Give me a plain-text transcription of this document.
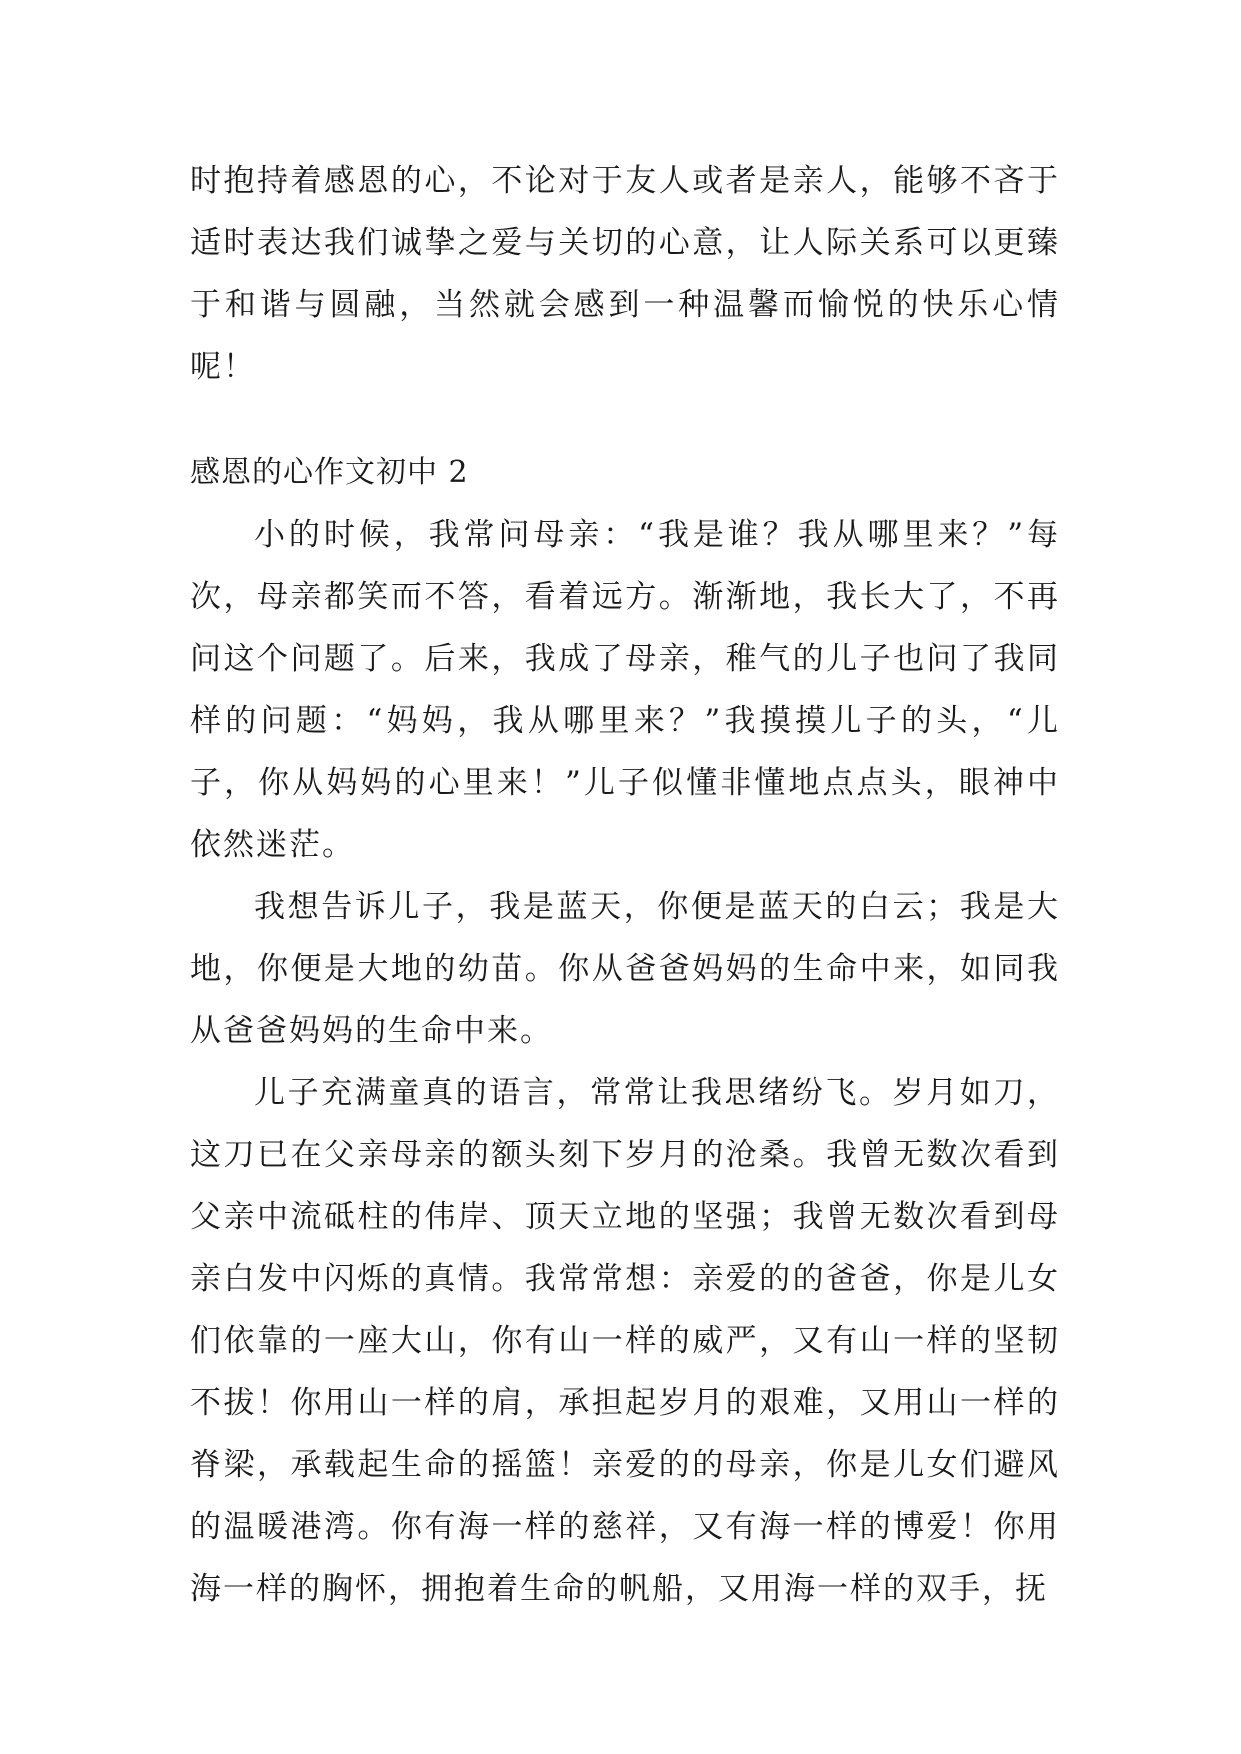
时抱持着感恩的心，不论对于友人或者是亲人，能够不吝于适时表达我们诚挚之爱与关切的心意，让人际关系可以更臻于和谐与圆融，当然就会感到一种温馨而愉悦的快乐心情呢！

感恩的心作文初中 2

小的时候，我常问母亲：“我是谁？我从哪里来？”每次，母亲都笑而不答，看着远方。渐渐地，我长大了，不再问这个问题了。后来，我成了母亲，稚气的儿子也问了我同样的问题：“妈妈，我从哪里来？”我摸摸儿子的头，“儿子，你从妈妈的心里来！”儿子似懂非懂地点点头，眼神中依然迷茫。

我想告诉儿子，我是蓝天，你便是蓝天的白云；我是大地，你便是大地的幼苗。你从爸爸妈妈的生命中来，如同我从爸爸妈妈的生命中来。

儿子充满童真的语言，常常让我思绪纷飞。岁月如刀，这刀已在父亲母亲的额头刻下岁月的沧桑。我曾无数次看到父亲中流砥柱的伟岸、顶天立地的坚强；我曾无数次看到母亲白发中闪烁的真情。我常常想：亲爱的的爸爸，你是儿女们依靠的一座大山，你有山一样的威严，又有山一样的坚韧不拔！你用山一样的肩，承担起岁月的艰难，又用山一样的脊梁，承载起生命的摇篮！亲爱的的母亲，你是儿女们避风的温暖港湾。你有海一样的慈祥，又有海一样的博爱！你用海一样的胸怀，拥抱着生命的帆船，又用海一样的双手，抚
